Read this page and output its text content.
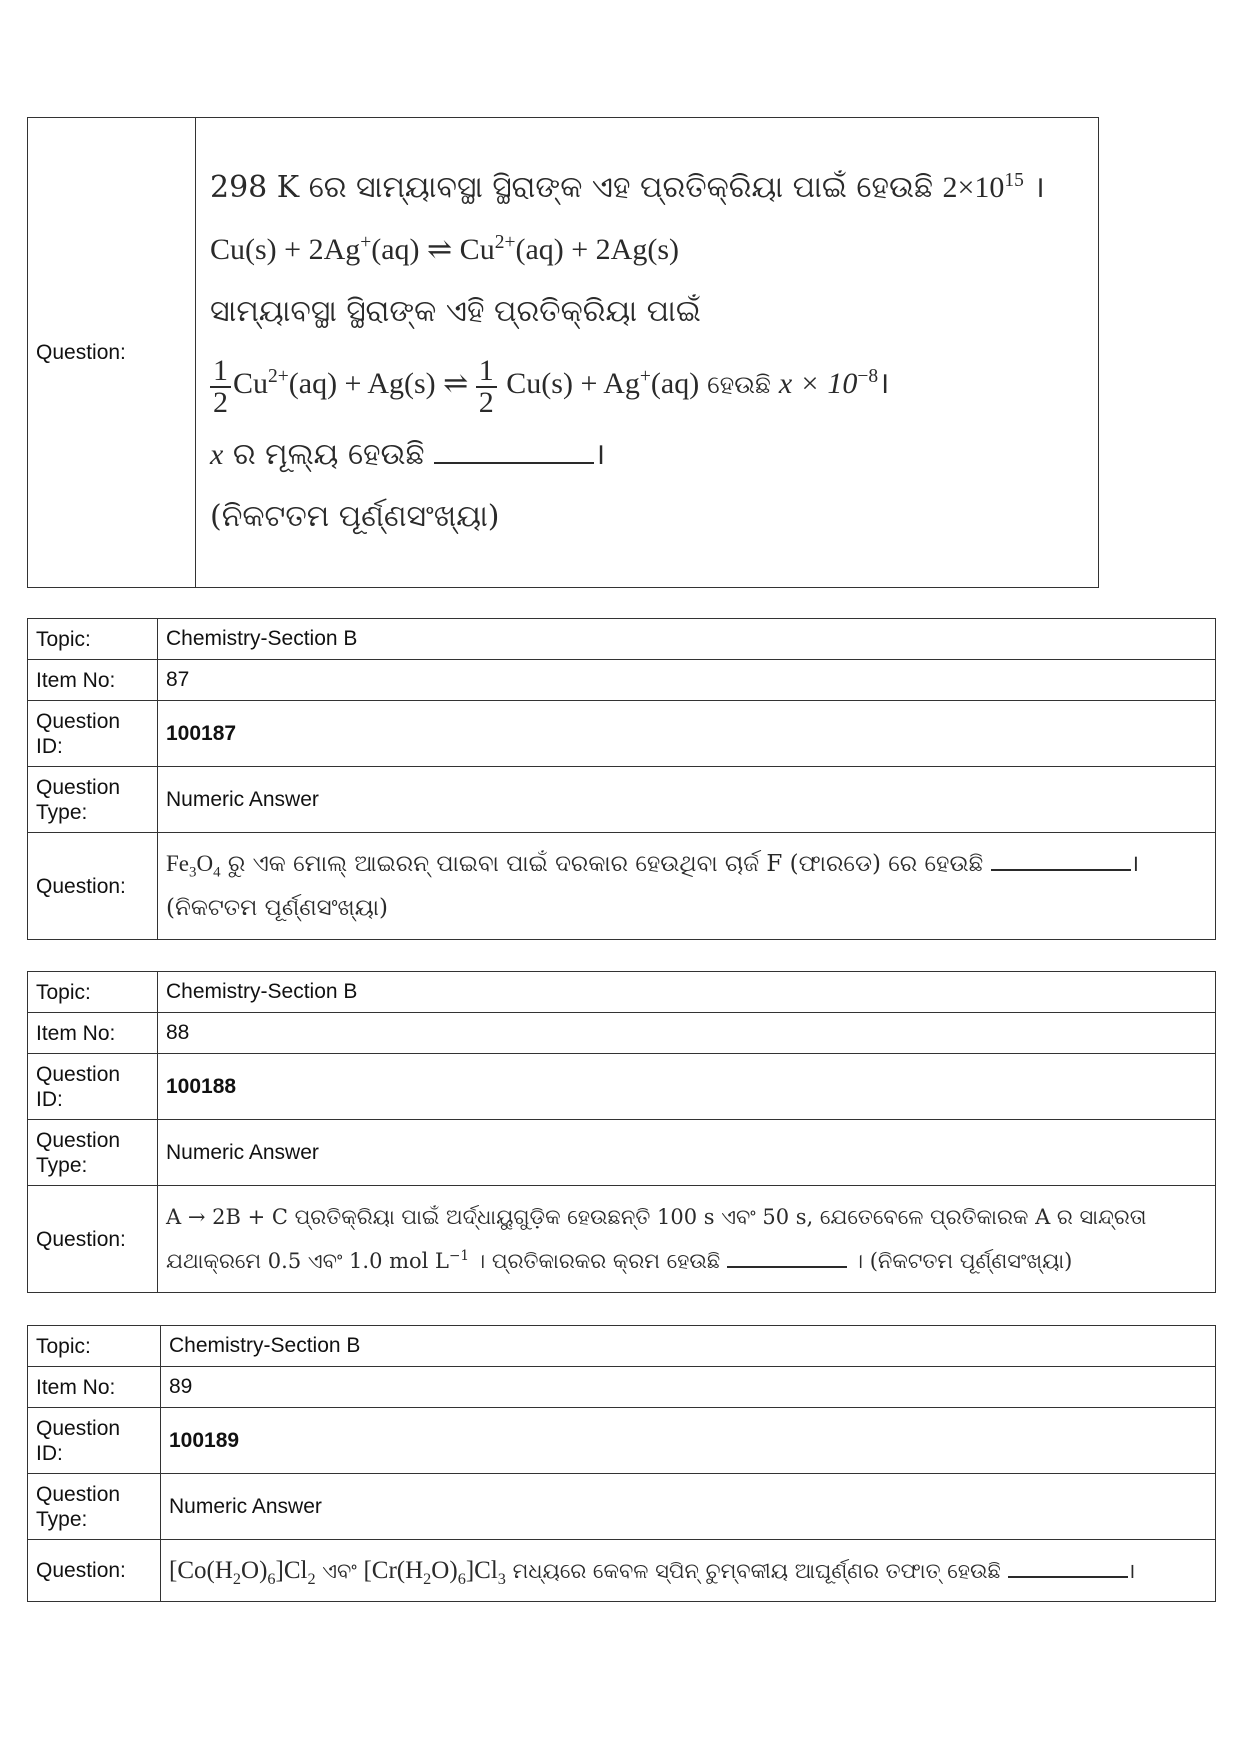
Question:	
298 K ରେ ସାମ୍ୟାବସ୍ଥା ସ୍ଥିରାଙ୍କ ଏହ ପ୍ରତିକ୍ରିୟା ପାଇଁ ହେଉଛି $2\times 10^{15}$ ।
Cu(s) + 2Ag+(aq) ⇌ $Cu^{2+}(aq) + 2Ag(s)$
ସାମ୍ୟାବସ୍ଥା ସ୍ଥିରାଙ୍କ ଏହି ପ୍ରତିକ୍ରିୟା ପାଇଁ
$\frac{1}{2} Cu^{2+}(aq) + Ag(s)$ ⇌ $\frac{1}{2} Cu(s) + Ag^+(aq)$ ହେଉଛି $x \times 10^{-8}।$
x ର ମୂଲ୍ୟ ହେଉଛି	।
(ନିକଟତମ ପୂର୍ଣ୍ଣସଂଖ୍ୟା)
Topic:	Chemistry-Section B
Item No:	87
Question ID:	100187
Question Type:	Numeric Answer
Question:	$Fe_3O_4$ ରୁ ଏକ ମୋଲ୍ ଆଇରନ୍ ପାଇବା ପାଇଁ ଦରକାର ହେଉଥିବା ଚାର୍ଜ F (ଫାରଡେ) ରେ ହେଉଛି ।
(ନିକଟତମ ପୂର୍ଣ୍ଣସଂଖ୍ୟା)
Topic:	Chemistry-Section B
Item No:	88
Question ID:	100188
Question Type:	Numeric Answer
Question:	A → 2B + C ପ୍ରତିକ୍ରିୟା ପାଇଁ ଅର୍ଦ୍ଧାୟୁଗୁଡ଼ିକ ହେଉଛନ୍ତି 100 s ଏବଂ 50 s, ଯେତେବେଳେ ପ୍ରତିକାରକ A ର ସାନ୍ଦ୍ରତା
ଯଥାକ୍ରମେ 0.5 ଏବଂ 1.0 mol $L^{-1}$ । ପ୍ରତିକାରକର କ୍ରମ ହେଉଛି । (ନିକଟତମ ପୂର୍ଣ୍ଣସଂଖ୍ୟା)
Topic:	Chemistry-Section B
Item No:	89
Question ID:	100189
Question Type:	Numeric Answer
Question:	$[Co(H_2O)_6]Cl_2$ ଏବଂ $[Cr(H_2O)_6]Cl_3$ ମଧ୍ୟରେ କେବଳ ସ୍ପିନ୍ ଚୁମ୍ବକୀୟ ଆଘୂର୍ଣ୍ଣର ତଫାତ୍ ହେଉଛି ।
